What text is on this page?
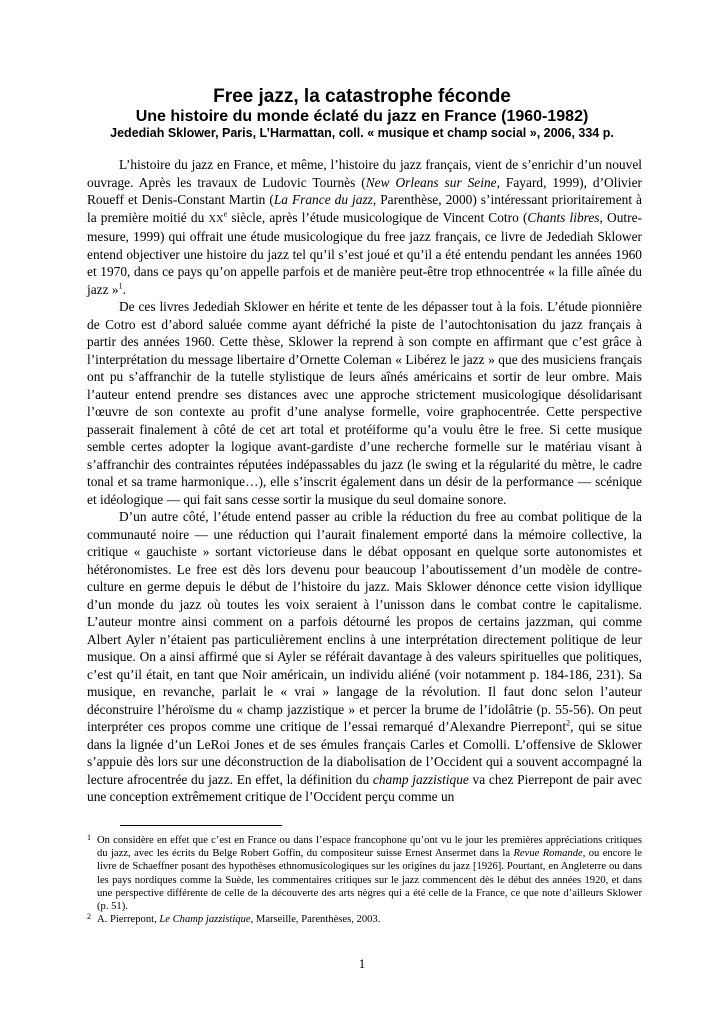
Free jazz, la catastrophe féconde
Une histoire du monde éclaté du jazz en France (1960-1982)
Jedediah Sklower, Paris, L’Harmattan, coll. « musique et champ social », 2006, 334 p.

L’histoire du jazz en France, et même, l’histoire du jazz français, vient de s’enrichir d’un nouvel ouvrage. Après les travaux de Ludovic Tournès (New Orleans sur Seine, Fayard, 1999), d’Olivier Roueff et Denis-Constant Martin (La France du jazz, Parenthèse, 2000) s’intéressant prioritairement à la première moitié du XXe siècle, après l’étude musicologique de Vincent Cotro (Chants libres, Outre-mesure, 1999) qui offrait une étude musicologique du free jazz français, ce livre de Jedediah Sklower entend objectiver une histoire du jazz tel qu’il s’est joué et qu’il a été entendu pendant les années 1960 et 1970, dans ce pays qu’on appelle parfois et de manière peut-être trop ethnocentrée « la fille aînée du jazz »$^1$.

De ces livres Jedediah Sklower en hérite et tente de les dépasser tout à la fois. L’étude pionnière de Cotro est d’abord saluée comme ayant défriché la piste de l’autochtonisation du jazz français à partir des années 1960. Cette thèse, Sklower la reprend à son compte en affirmant que c’est grâce à l’interprétation du message libertaire d’Ornette Coleman « Libérez le jazz » que des musiciens français ont pu s’affranchir de la tutelle stylistique de leurs aînés américains et sortir de leur ombre. Mais l’auteur entend prendre ses distances avec une approche strictement musicologique désolidarisant l’œuvre de son contexte au profit d’une analyse formelle, voire graphocentrée. Cette perspective passerait finalement à côté de cet art total et protéiforme qu’a voulu être le free. Si cette musique semble certes adopter la logique avant-gardiste d’une recherche formelle sur le matériau visant à s’affranchir des contraintes réputées indépassables du jazz (le swing et la régularité du mètre, le cadre tonal et sa trame harmonique…), elle s’inscrit également dans un désir de la performance — scénique et idéologique — qui fait sans cesse sortir la musique du seul domaine sonore.

D’un autre côté, l’étude entend passer au crible la réduction du free au combat politique de la communauté noire — une réduction qui l’aurait finalement emporté dans la mémoire collective, la critique « gauchiste » sortant victorieuse dans le débat opposant en quelque sorte autonomistes et hétéronomistes. Le free est dès lors devenu pour beaucoup l’aboutissement d’un modèle de contre-culture en germe depuis le début de l’histoire du jazz. Mais Sklower dénonce cette vision idyllique d’un monde du jazz où toutes les voix seraient à l’unisson dans le combat contre le capitalisme. L’auteur montre ainsi comment on a parfois détourné les propos de certains jazzman, qui comme Albert Ayler n’étaient pas particulièrement enclins à une interprétation directement politique de leur musique. On a ainsi affirmé que si Ayler se référait davantage à des valeurs spirituelles que politiques, c’est qu’il était, en tant que Noir américain, un individu aliéné (voir notamment p. 184-186, 231). Sa musique, en revanche, parlait le « vrai » langage de la révolution. Il faut donc selon l’auteur déconstruire l’héroïsme du « champ jazzistique » et percer la brume de l’idolâtrie (p. 55-56). On peut interpréter ces propos comme une critique de l’essai remarqué d’Alexandre Pierrepont$^2$, qui se situe dans la lignée d’un LeRoi Jones et de ses émules français Carles et Comolli. L’offensive de Sklower s’appuie dès lors sur une déconstruction de la diabolisation de l’Occident qui a souvent accompagné la lecture afrocentrée du jazz. En effet, la définition du champ jazzistique va chez Pierrepont de pair avec une conception extrêmement critique de l’Occident perçu comme un

1 On considère en effet que c’est en France ou dans l’espace francophone qu’ont vu le jour les premières appréciations critiques du jazz, avec les écrits du Belge Robert Goffin, du compositeur suisse Ernest Ansermet dans la Revue Romande, ou encore le livre de Schaeffner posant des hypothèses ethnomusicologiques sur les origines du jazz [1926]. Pourtant, en Angleterre ou dans les pays nordiques comme la Suède, les commentaires critiques sur le jazz commencent dès le début des années 1920, et dans une perspective différente de celle de la découverte des arts nègres qui a été celle de la France, ce que note d’ailleurs Sklower (p. 51).

2 A. Pierrepont, Le Champ jazzistique, Marseille, Parenthèses, 2003.

1
